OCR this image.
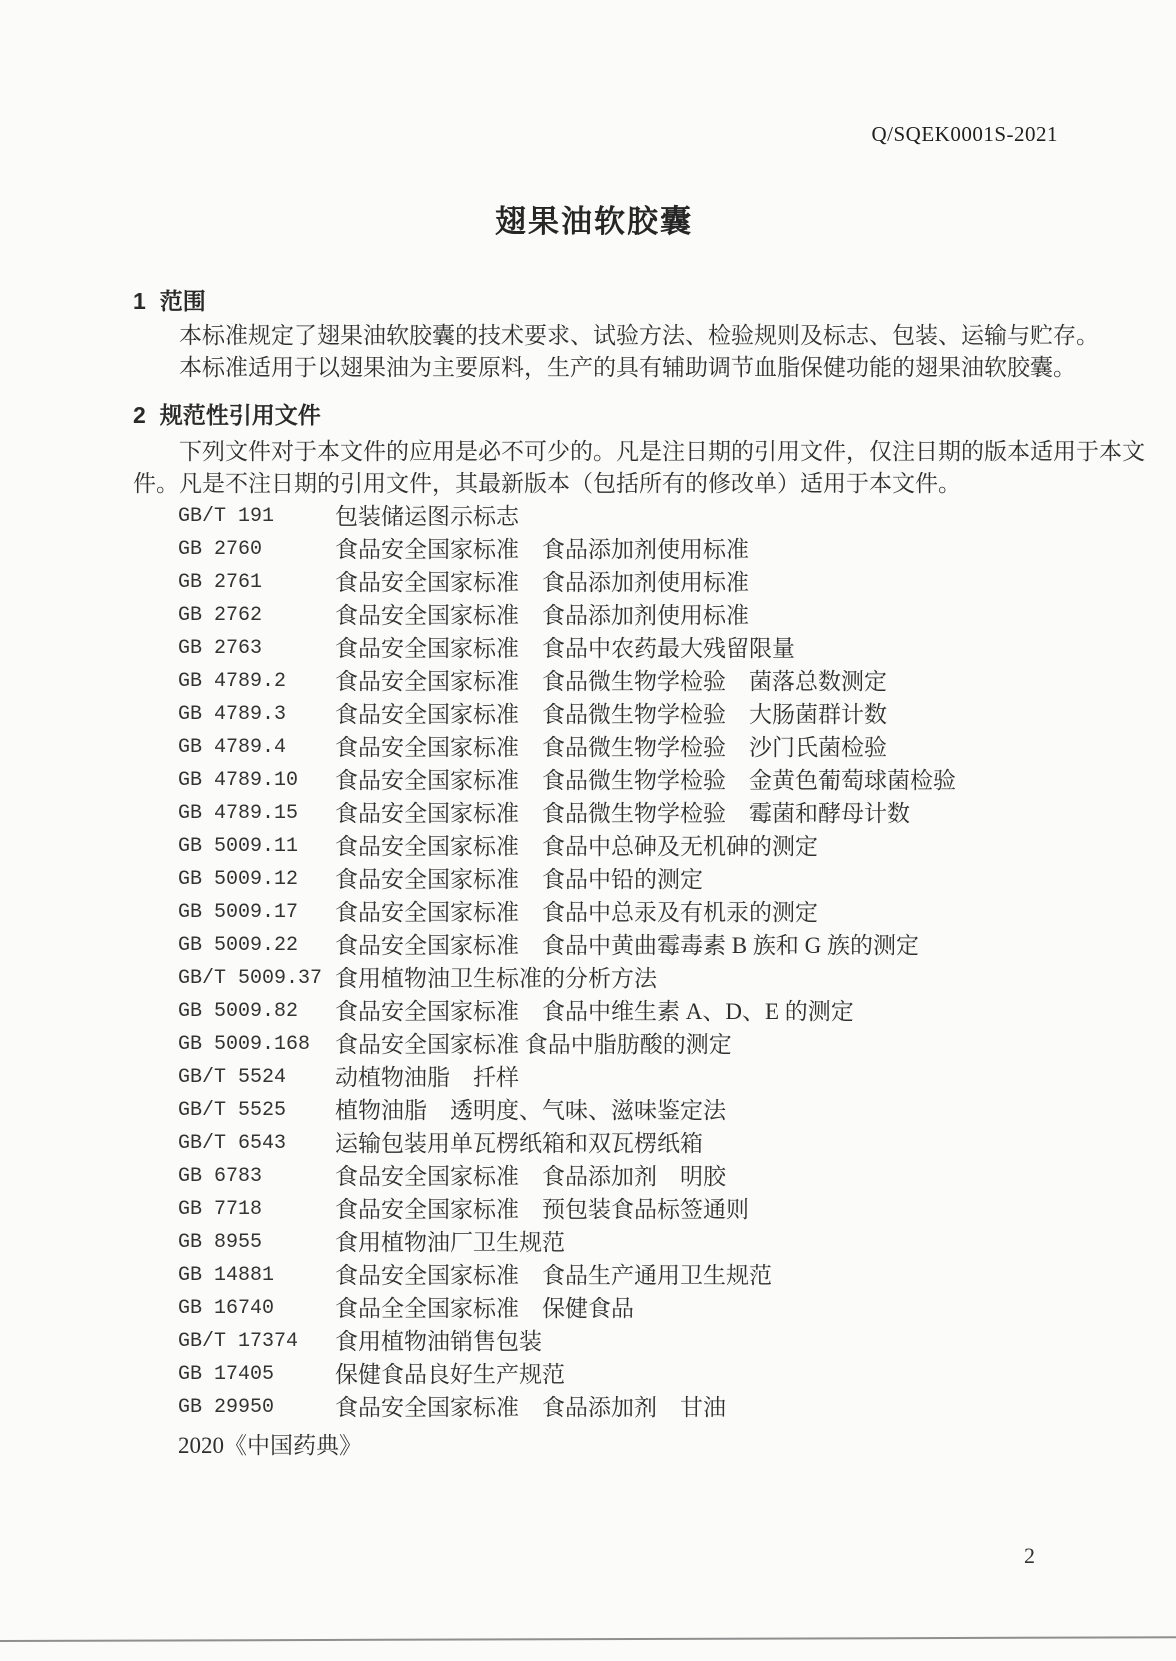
Q/SQEK0001S-2021
翅果油软胶囊
1 范围

本标准规定了翅果油软胶囊的技术要求、试验方法、检验规则及标志、包装、运输与贮存。

本标准适用于以翅果油为主要原料，生产的具有辅助调节血脂保健功能的翅果油软胶囊。

2 规范性引用文件

下列文件对于本文件的应用是必不可少的。凡是注日期的引用文件，仅注日期的版本适用于本文

件。凡是不注日期的引用文件，其最新版本（包括所有的修改单）适用于本文件。

GB/T 191	包装储运图示标志
GB 2760	食品安全国家标准　食品添加剂使用标准
GB 2761	食品安全国家标准　食品添加剂使用标准
GB 2762	食品安全国家标准　食品添加剂使用标准
GB 2763	食品安全国家标准　食品中农药最大残留限量
GB 4789.2	食品安全国家标准　食品微生物学检验　菌落总数测定
GB 4789.3	食品安全国家标准　食品微生物学检验　大肠菌群计数
GB 4789.4	食品安全国家标准　食品微生物学检验　沙门氏菌检验
GB 4789.10	食品安全国家标准　食品微生物学检验　金黄色葡萄球菌检验
GB 4789.15	食品安全国家标准　食品微生物学检验　霉菌和酵母计数
GB 5009.11	食品安全国家标准　食品中总砷及无机砷的测定
GB 5009.12	食品安全国家标准　食品中铅的测定
GB 5009.17	食品安全国家标准　食品中总汞及有机汞的测定
GB 5009.22	食品安全国家标准　食品中黄曲霉毒素 B 族和 G 族的测定
GB/T 5009.37 食用植物油卫生标准的分析方法
GB 5009.82	食品安全国家标准　食品中维生素 A、D、E 的测定
GB 5009.168	食品安全国家标准 食品中脂肪酸的测定
GB/T 5524	动植物油脂　扦样
GB/T 5525	植物油脂　透明度、气味、滋味鉴定法
GB/T 6543	运输包装用单瓦楞纸箱和双瓦楞纸箱
GB 6783	食品安全国家标准　食品添加剂　明胶
GB 7718	食品安全国家标准　预包装食品标签通则
GB 8955	食用植物油厂卫生规范
GB 14881	食品安全国家标准　食品生产通用卫生规范
GB 16740	食品全全国家标准　保健食品
GB/T 17374	食用植物油销售包装
GB 17405	保健食品良好生产规范
GB 29950	食品安全国家标准　食品添加剂　甘油
2020《中国药典》
2
